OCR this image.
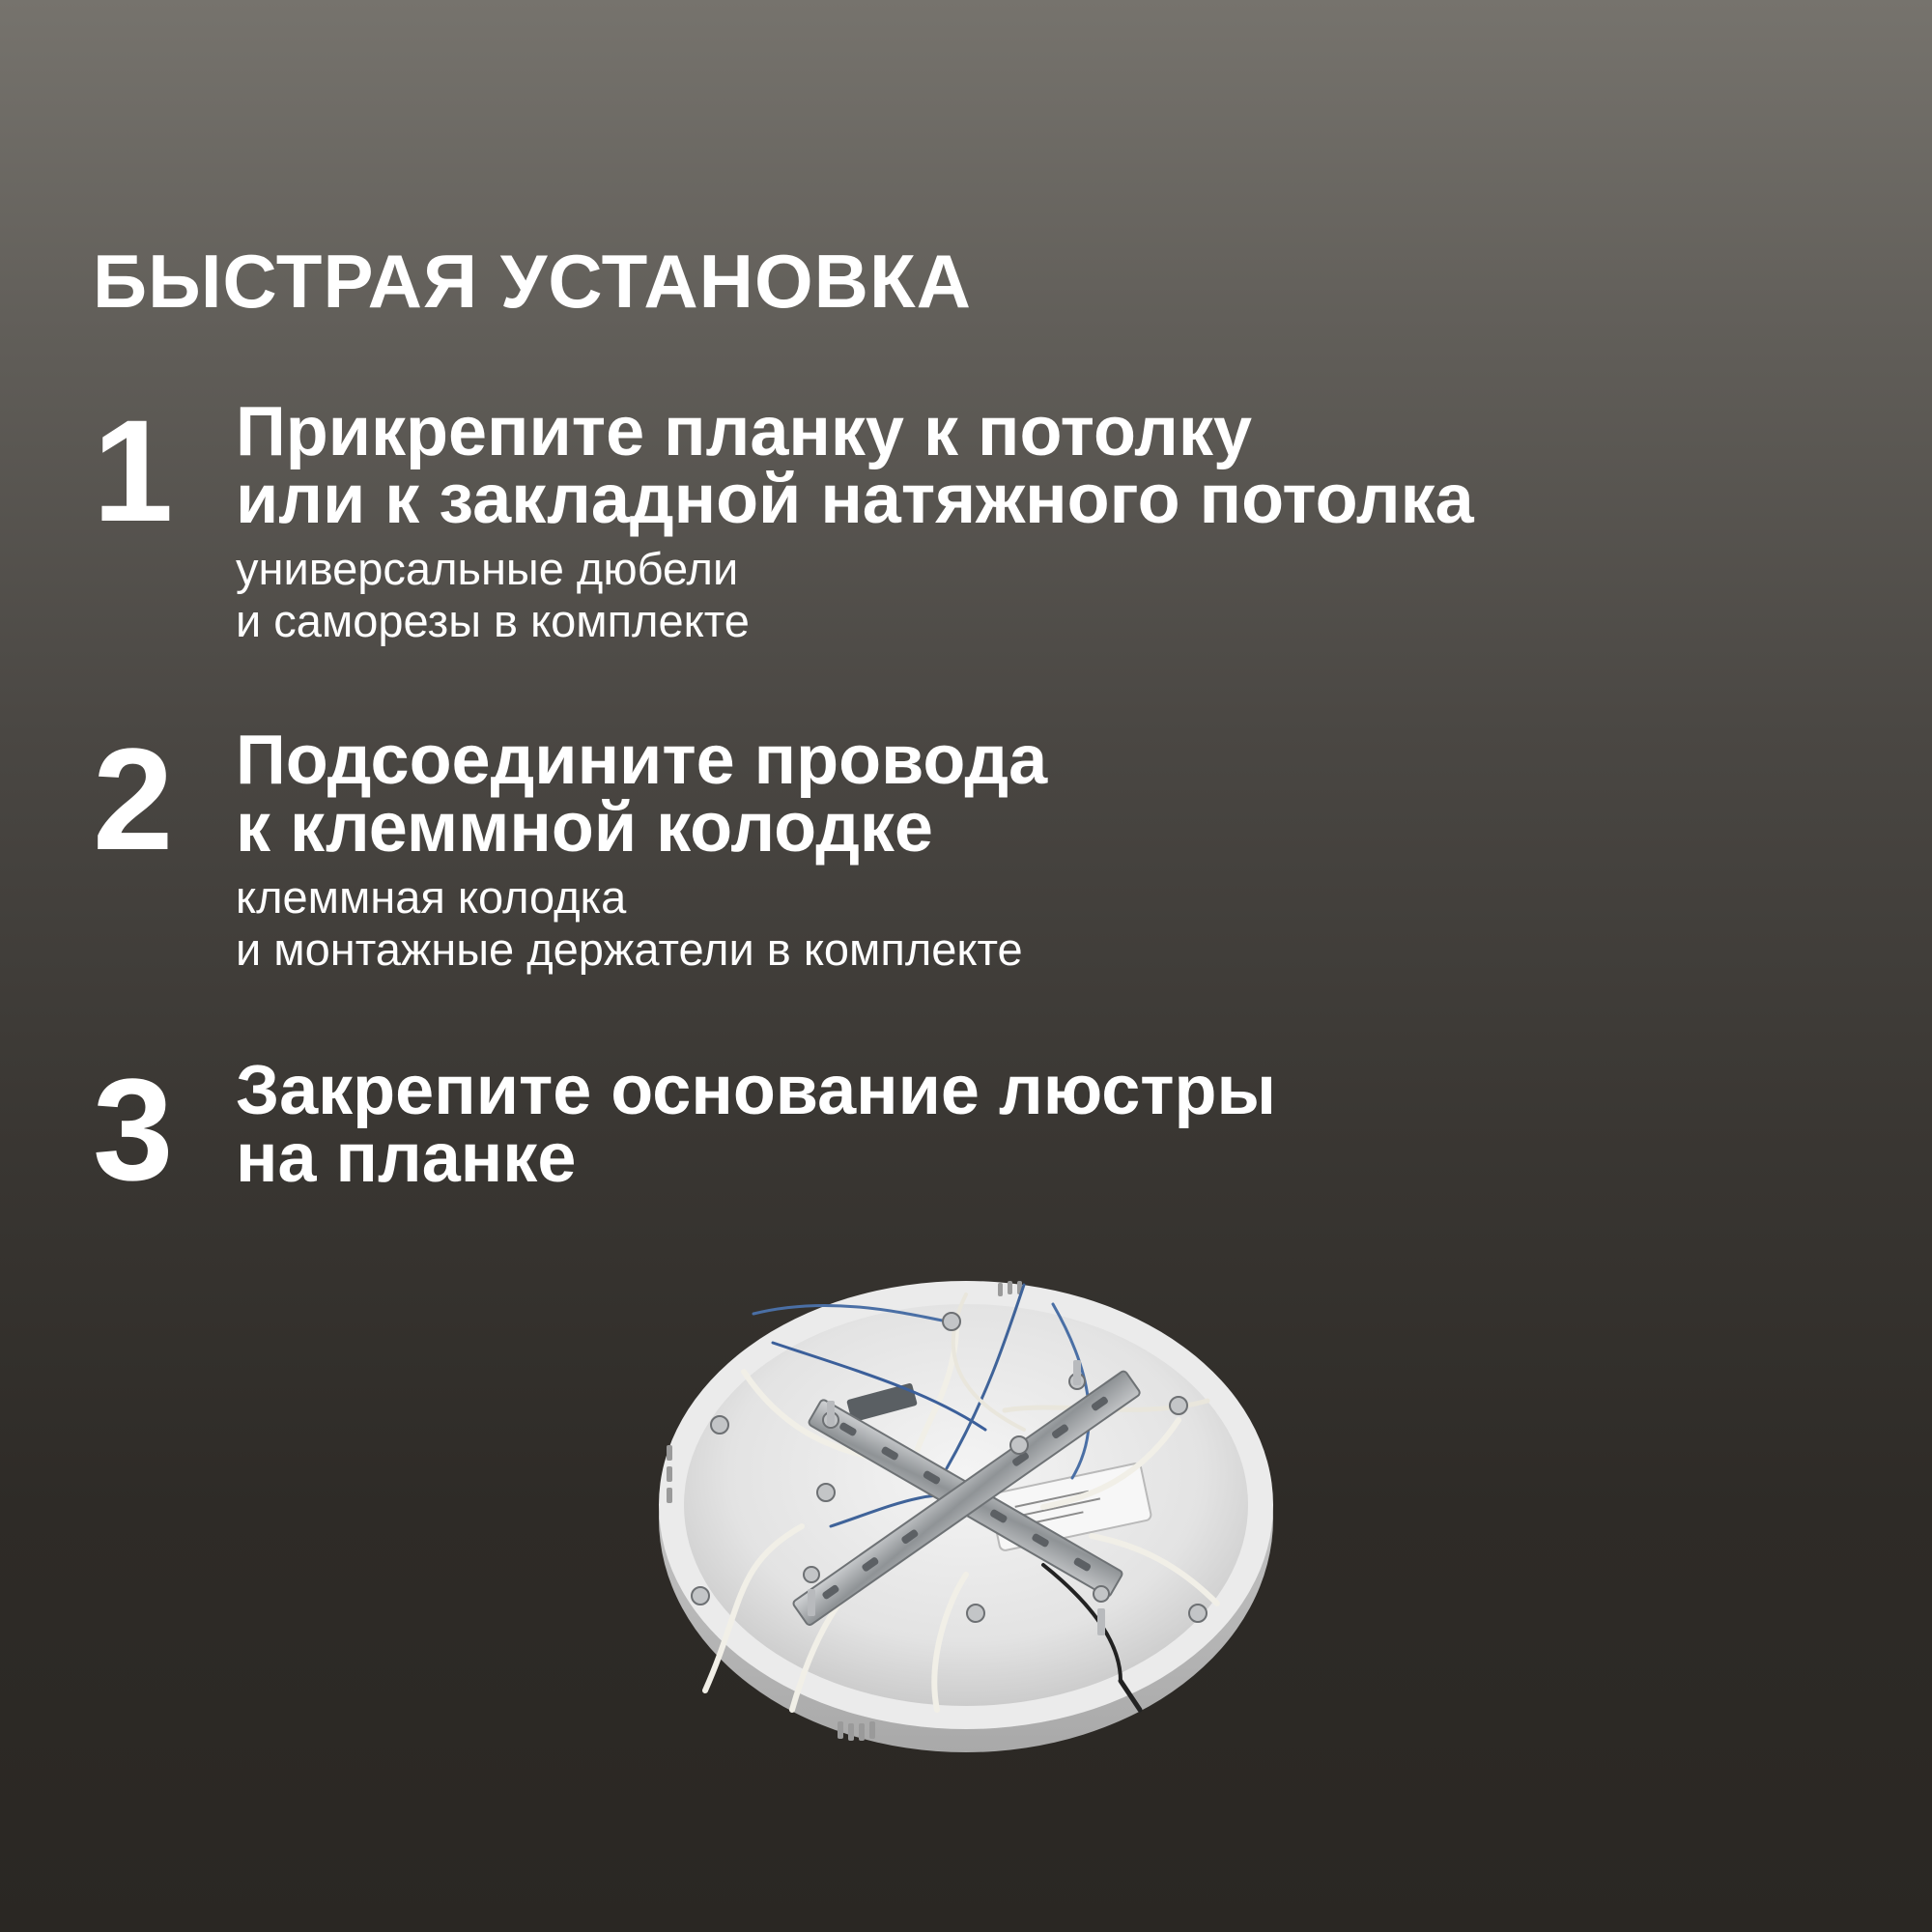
БЫСТРАЯ УСТАНОВКА
1 Прикрепите планку к потолку
или к закладной натяжного потолка
универсальные дюбели
и саморезы в комплекте
2 Подсоедините провода
к клеммной колодке
клеммная колодка
и монтажные держатели в комплекте
3 Закрепите основание люстры
на планке
